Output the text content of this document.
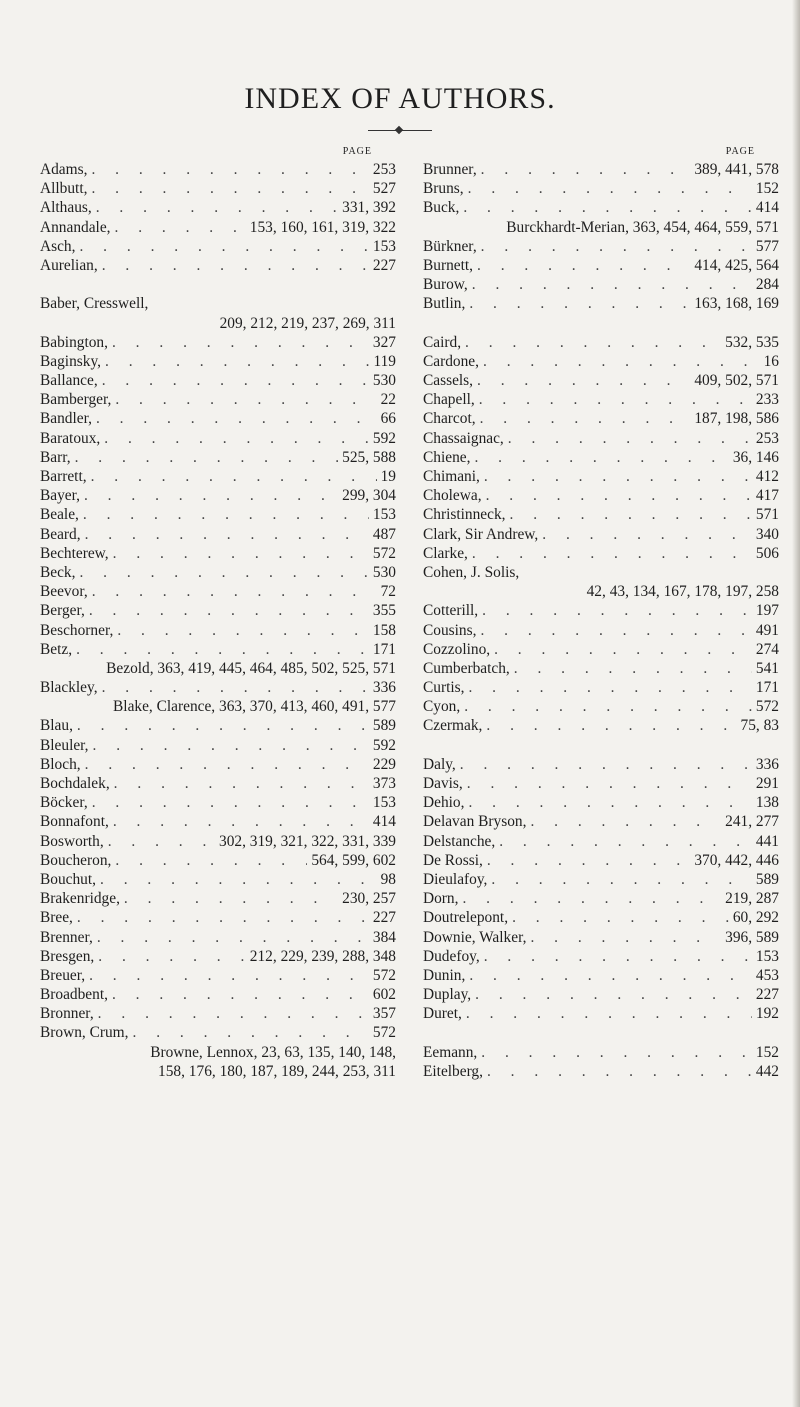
INDEX OF AUTHORS.
PAGE
Adams, . . .	253
Allbutt, . . .	527
Althaus, . . .	331, 392
Annandale, . . .	153, 160, 161, 319, 322
Asch, . . .	153
Aurelian, . . .	227
Baber, Cresswell,
209, 212, 219, 237, 269, 311
Babington, . . .	327
Baginsky, . . .	119
Ballance, . . .	530
Bamberger, . . .	22
Bandler, . . .	66
Baratoux, . . .	592
Barr, . . .	525, 588
Barrett, . . .	19
Bayer, . . .	299, 304
Beale, . . .	153
Beard, . . .	487
Bechterew, . . .	572
Beck, . . .	530
Beevor, . . .	72
Berger, . . .	355
Beschorner, . . .	158
Betz, . . .	171
Bezold, 363, 419, 445, 464, 485, 502, 525, 571
Blackley, . . .	336
Blake, Clarence, 363, 370, 413, 460, 491, 577
Blau, . . .	589
Bleuler, . . .	592
Bloch, . . .	229
Bochdalek, . . .	373
Böcker, . . .	153
Bonnafont, . . .	414
Bosworth, . . .	302, 319, 321, 322, 331, 339
Boucheron, . . .	564, 599, 602
Bouchut, . . .	98
Brakenridge, . . .	230, 257
Bree, . . .	227
Brenner, . . .	384
Bresgen, . . .	212, 229, 239, 288, 348
Breuer, . . .	572
Broadbent, . . .	602
Bronner, . . .	357
Brown, Crum, . . .	572
Browne, Lennox, 23, 63, 135, 140, 148,
158, 176, 180, 187, 189, 244, 253, 311
PAGE
Brunner, . . .	389, 441, 578
Bruns, . . .	152
Buck, . . .	414
Burckhardt-Merian, 363, 454, 464, 559, 571
Bürkner, . . .	577
Burnett, . . .	414, 425, 564
Burow, . . .	284
Butlin, . . .	163, 168, 169
Caird, . . .	532, 535
Cardone, . . .	16
Cassels, . . .	409, 502, 571
Chapell, . . .	233
Charcot, . . .	187, 198, 586
Chassaignac, . . .	253
Chiene, . . .	36, 146
Chimani, . . .	412
Cholewa, . . .	417
Christinneck, . . .	571
Clark, Sir Andrew, . . .	340
Clarke, . . .	506
Cohen, J. Solis,
42, 43, 134, 167, 178, 197, 258
Cotterill, . . .	197
Cousins, . . .	491
Cozzolino, . . .	274
Cumberbatch, . . .	541
Curtis, . . .	171
Cyon, . . .	572
Czermak, . . .	75, 83
Daly, . . .	336
Davis, . . .	291
Dehio, . . .	138
Delavan Bryson, . . .	241, 277
Delstanche, . . .	441
De Rossi, . . .	370, 442, 446
Dieulafoy, . . .	589
Dorn, . . .	219, 287
Doutrelepont, . . .	60, 292
Downie, Walker, . . .	396, 589
Dudefoy, . . .	153
Dunin, . . .	453
Duplay, . . .	227
Duret, . . .	192
Eemann, . . .	152
Eitelberg, . . .	442
